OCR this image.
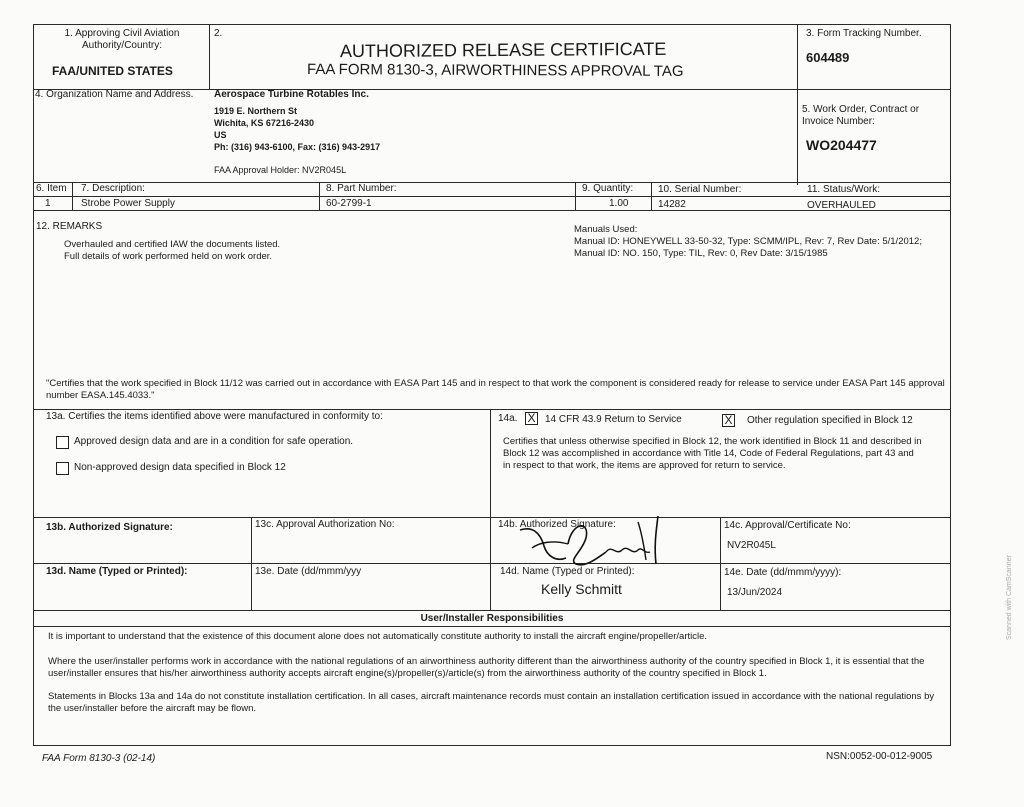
1. Approving Civil Aviation Authority/Country:
FAA/UNITED STATES
2.
AUTHORIZED RELEASE CERTIFICATE
FAA FORM 8130-3, AIRWORTHINESS APPROVAL TAG
3. Form Tracking Number.
604489
4. Organization Name and Address. Aerospace Turbine Rotables Inc.
1919 E. Northern St
Wichita, KS 67216-2430
US
Ph: (316) 943-6100, Fax: (316) 943-2917
FAA Approval Holder: NV2R045L
5. Work Order, Contract or Invoice Number:
WO204477
6. Item 7. Description:	8. Part Number:	9. Quantity: 10. Serial Number:	11. Status/Work:
1	Strobe Power Supply	60-2799-1	1.00	14282	OVERHAULED
12. REMARKS
Overhauled and certified IAW the documents listed.
Full details of work performed held on work order.
Manuals Used:
Manual ID: HONEYWELL 33-50-32, Type: SCMM/IPL, Rev: 7, Rev Date: 5/1/2012; Manual ID: NO. 150, Type: TIL, Rev: 0, Rev Date: 3/15/1985
"Certifies that the work specified in Block 11/12 was carried out in accordance with EASA Part 145 and in respect to that work the component is considered ready for release to service under EASA Part 145 approval number EASA.145.4033."
13a. Certifies the items identified above were manufactured in conformity to:
Approved design data and are in a condition for safe operation.
Non-approved design data specified in Block 12
14a. X 14 CFR 43.9 Return to Service	X Other regulation specified in Block 12
Certifies that unless otherwise specified in Block 12, the work identified in Block 11 and described in Block 12 was accomplished in accordance with Title 14, Code of Federal Regulations, part 43 and in respect to that work, the items are approved for return to service.
13b. Authorized Signature:	13c. Approval Authorization No:	14b. Authorized Signature:	14c. Approval/Certificate No:
NV2R045L
13d. Name (Typed or Printed):	13e. Date (dd/mmm/yyy	14d. Name (Typed or Printed):
Kelly Schmitt
14e. Date (dd/mmm/yyyy):
13/Jun/2024
User/Installer Responsibilities
It is important to understand that the existence of this document alone does not automatically constitute authority to install the aircraft engine/propeller/article.
Where the user/installer performs work in accordance with the national regulations of an airworthiness authority different than the airworthiness authority of the country specified in Block 1, it is essential that the user/installer ensures that his/her airworthiness authority accepts aircraft engine(s)/propeller(s)/article(s) from the airworthiness authority of the country specified in Block 1.
Statements in Blocks 13a and 14a do not constitute installation certification. In all cases, aircraft maintenance records must contain an installation certification issued in accordance with the national regulations by the user/installer before the aircraft may be flown.
FAA Form 8130-3 (02-14)	NSN:0052-00-012-9005
Scanned with CamScanner
